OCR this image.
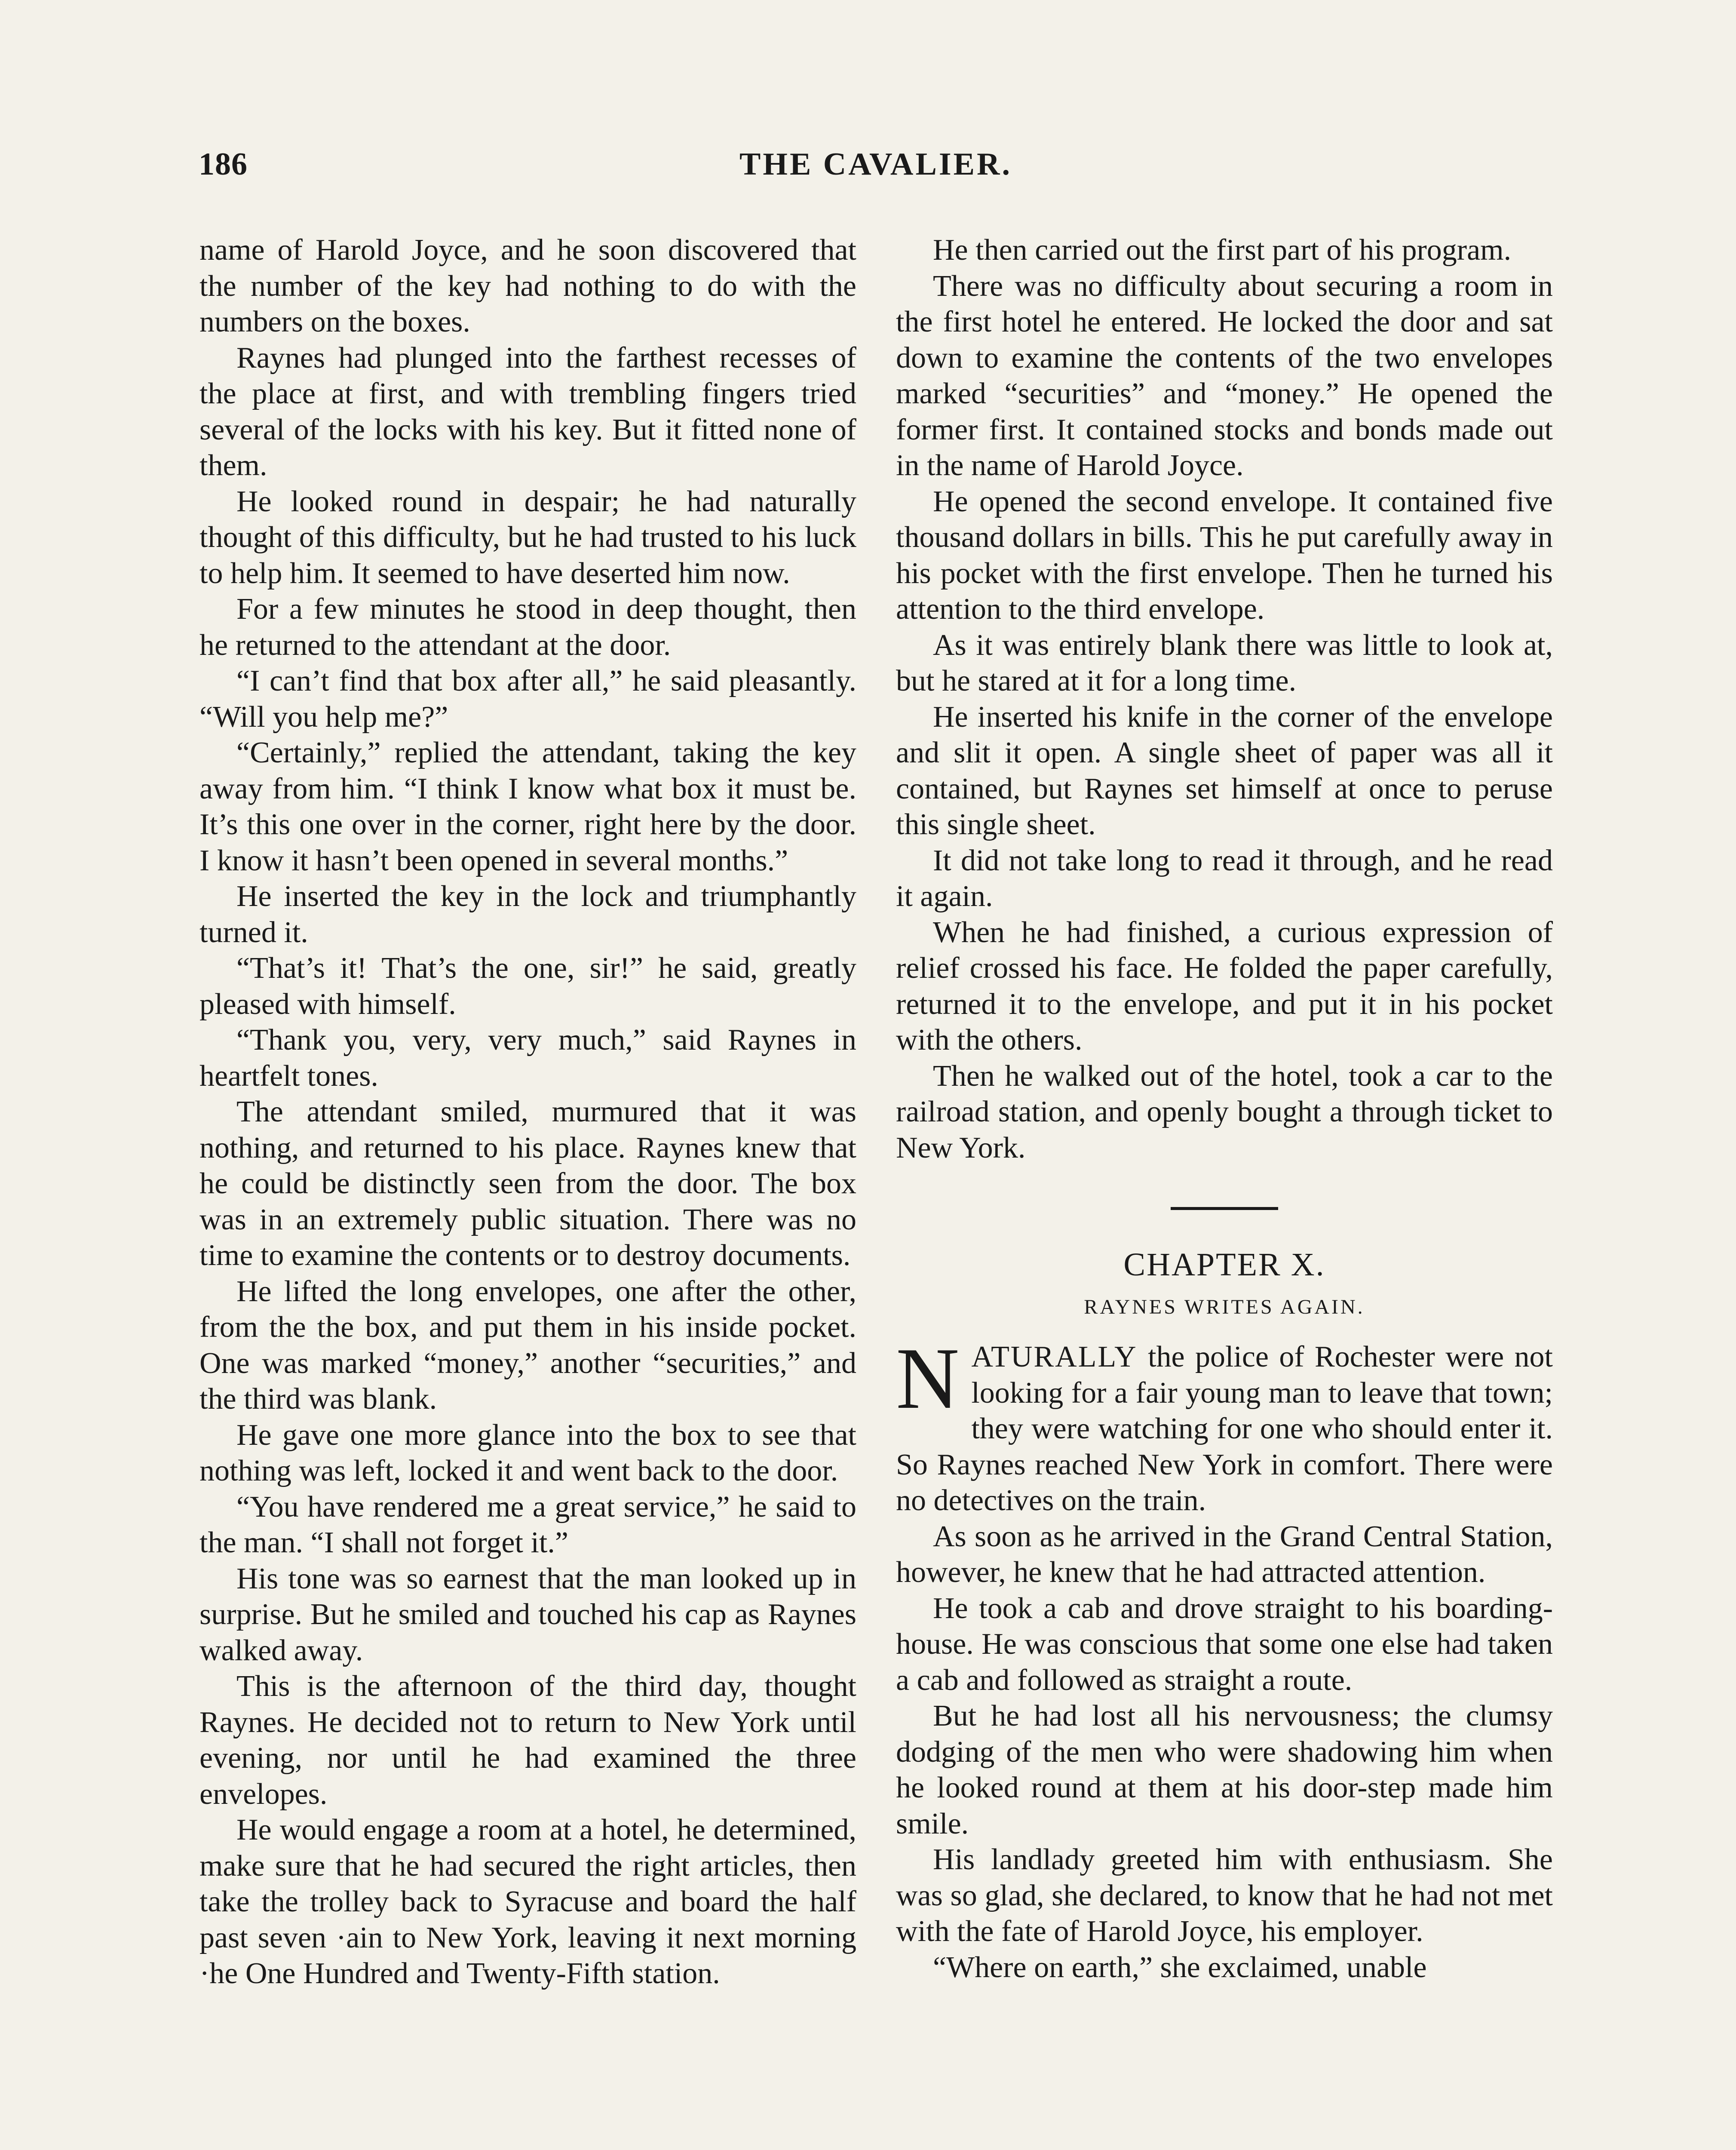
186	THE CAVALIER.

name of Harold Joyce, and he soon discovered that the number of the key had nothing to do with the numbers on the boxes.

Raynes had plunged into the farthest recesses of the place at first, and with trembling fingers tried several of the locks with his key. But it fitted none of them.

He looked round in despair; he had naturally thought of this difficulty, but he had trusted to his luck to help him. It seemed to have deserted him now.

For a few minutes he stood in deep thought, then he returned to the attendant at the door.

“I can’t find that box after all,” he said pleasantly. “Will you help me?”

“Certainly,” replied the attendant, taking the key away from him. “I think I know what box it must be. It’s this one over in the corner, right here by the door. I know it hasn’t been opened in several months.”

He inserted the key in the lock and triumphantly turned it.

“That’s it! That’s the one, sir!” he said, greatly pleased with himself.

“Thank you, very, very much,” said Raynes in heartfelt tones.

The attendant smiled, murmured that it was nothing, and returned to his place. Raynes knew that he could be distinctly seen from the door. The box was in an extremely public situation. There was no time to examine the contents or to destroy documents.

He lifted the long envelopes, one after the other, from the the box, and put them in his inside pocket. One was marked “money,” another “securities,” and the third was blank.

He gave one more glance into the box to see that nothing was left, locked it and went back to the door.

“You have rendered me a great service,” he said to the man. “I shall not forget it.”

His tone was so earnest that the man looked up in surprise. But he smiled and touched his cap as Raynes walked away.

This is the afternoon of the third day, thought Raynes. He decided not to return to New York until evening, nor until he had examined the three envelopes.

He would engage a room at a hotel, he determined, make sure that he had secured the right articles, then take the trolley back to Syracuse and board the half past seven ·ain to New York, leaving it next morning ·he One Hundred and Twenty-Fifth station.

He then carried out the first part of his program.

There was no difficulty about securing a room in the first hotel he entered. He locked the door and sat down to examine the contents of the two envelopes marked “securities” and “money.” He opened the former first. It contained stocks and bonds made out in the name of Harold Joyce.

He opened the second envelope. It contained five thousand dollars in bills. This he put carefully away in his pocket with the first envelope. Then he turned his attention to the third envelope.

As it was entirely blank there was little to look at, but he stared at it for a long time.

He inserted his knife in the corner of the envelope and slit it open. A single sheet of paper was all it contained, but Raynes set himself at once to peruse this single sheet.

It did not take long to read it through, and he read it again.

When he had finished, a curious expression of relief crossed his face. He folded the paper carefully, returned it to the envelope, and put it in his pocket with the others.

Then he walked out of the hotel, took a car to the railroad station, and openly bought a through ticket to New York.

CHAPTER X.
RAYNES WRITES AGAIN.

NATURALLY the police of Rochester were not looking for a fair young man to leave that town; they were watching for one who should enter it. So Raynes reached New York in comfort. There were no detectives on the train.

As soon as he arrived in the Grand Central Station, however, he knew that he had attracted attention.

He took a cab and drove straight to his boarding-house. He was conscious that some one else had taken a cab and followed as straight a route.

But he had lost all his nervousness; the clumsy dodging of the men who were shadowing him when he looked round at them at his door-step made him smile.

His landlady greeted him with enthusiasm. She was so glad, she declared, to know that he had not met with the fate of Harold Joyce, his employer.

“Where on earth,” she exclaimed, unable
